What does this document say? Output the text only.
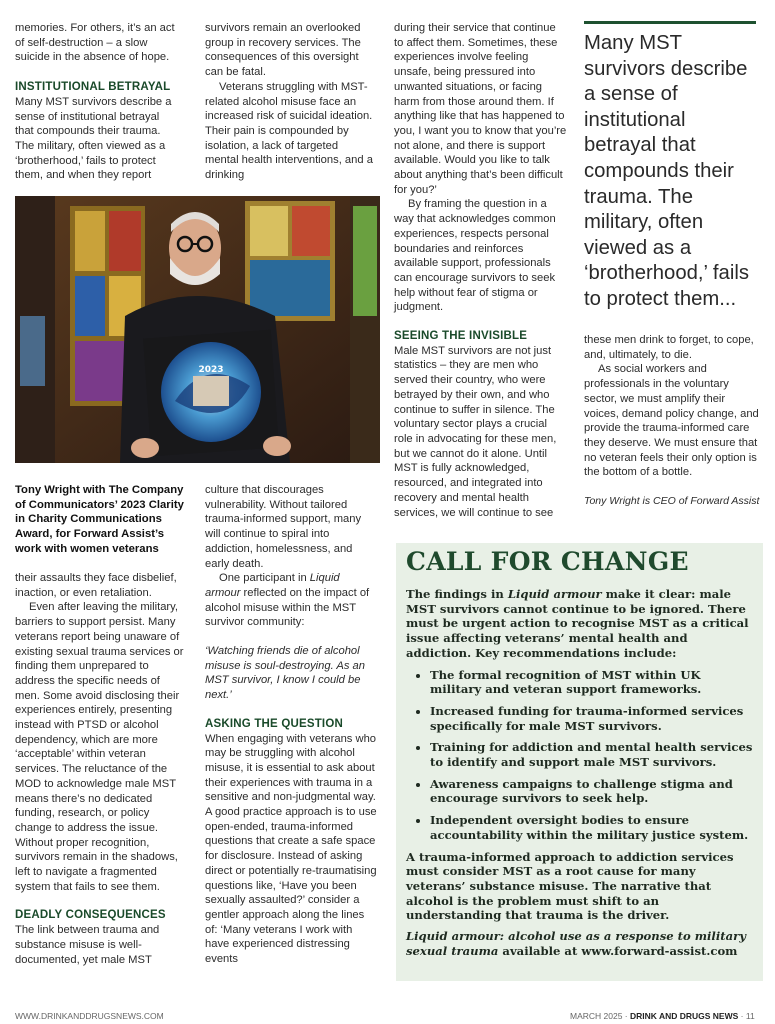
memories. For others, it’s an act of self-destruction – a slow suicide in the absence of hope.

INSTITUTIONAL BETRAYAL

Many MST survivors describe a sense of institutional betrayal that compounds their trauma. The military, often viewed as a ‘brotherhood,’ fails to protect them, and when they report

survivors remain an overlooked group in recovery services. The consequences of this oversight can be fatal.

Veterans struggling with MST-related alcohol misuse face an increased risk of suicidal ideation. Their pain is compounded by isolation, a lack of targeted mental health interventions, and a drinking

2023

Tony Wright with The Company of Communicators’ 2023 Clarity in Charity Communications Award, for Forward Assist’s work with women veterans

their assaults they face disbelief, inaction, or even retaliation.

Even after leaving the military, barriers to support persist. Many veterans report being unaware of existing sexual trauma services or finding them unprepared to address the specific needs of men. Some avoid disclosing their experiences entirely, presenting instead with PTSD or alcohol dependency, which are more ‘acceptable’ within veteran services. The reluctance of the MOD to acknowledge male MST means there’s no dedicated funding, research, or policy change to address the issue. Without proper recognition, survivors remain in the shadows, left to navigate a fragmented system that fails to see them.

DEADLY CONSEQUENCES

The link between trauma and substance misuse is well-documented, yet male MST

culture that discourages vulnerability. Without tailored trauma-informed support, many will continue to spiral into addiction, homelessness, and early death.

One participant in Liquid armour reflected on the impact of alcohol misuse within the MST survivor community:

‘Watching friends die of alcohol misuse is soul-destroying. As an MST survivor, I know I could be next.’

ASKING THE QUESTION

When engaging with veterans who may be struggling with alcohol misuse, it is essential to ask about their experiences with trauma in a sensitive and non-judgmental way. A good practice approach is to use open-ended, trauma-informed questions that create a safe space for disclosure. Instead of asking direct or potentially re-traumatising questions like, ‘Have you been sexually assaulted?’ consider a gentler approach along the lines of: ‘Many veterans I work with have experienced distressing events

during their service that continue to affect them. Sometimes, these experiences involve feeling unsafe, being pressured into unwanted situations, or facing harm from those around them. If anything like that has happened to you, I want you to know that you’re not alone, and there is support available. Would you like to talk about anything that’s been difficult for you?’

By framing the question in a way that acknowledges common experiences, respects personal boundaries and reinforces available support, professionals can encourage survivors to seek help without fear of stigma or judgment.

SEEING THE INVISIBLE

Male MST survivors are not just statistics – they are men who served their country, who were betrayed by their own, and who continue to suffer in silence. The voluntary sector plays a crucial role in advocating for these men, but we cannot do it alone. Until MST is fully acknowledged, resourced, and integrated into recovery and mental health services, we will continue to see

Many MST survivors describe a sense of institutional betrayal that compounds their trauma. The military, often viewed as a ‘brotherhood,’ fails to protect them...

these men drink to forget, to cope, and, ultimately, to die.

As social workers and professionals in the voluntary sector, we must amplify their voices, demand policy change, and provide the trauma-informed care they deserve. We must ensure that no veteran feels their only option is the bottom of a bottle.

Tony Wright is CEO of Forward Assist

CALL FOR CHANGE

The findings in Liquid armour make it clear: male MST survivors cannot continue to be ignored. There must be urgent action to recognise MST as a critical issue affecting veterans’ mental health and addiction. Key recommendations include:

• The formal recognition of MST within UK military and veteran support frameworks.
• Increased funding for trauma-informed services specifically for male MST survivors.
• Training for addiction and mental health services to identify and support male MST survivors.
• Awareness campaigns to challenge stigma and encourage survivors to seek help.
• Independent oversight bodies to ensure accountability within the military justice system.

A trauma-informed approach to addiction services must consider MST as a root cause for many veterans’ substance misuse. The narrative that alcohol is the problem must shift to an understanding that trauma is the driver.

Liquid armour: alcohol use as a response to military sexual trauma available at www.forward-assist.com

WWW.DRINKANDDRUGSNEWS.COM	MARCH 2025 · DRINK AND DRUGS NEWS · 11
